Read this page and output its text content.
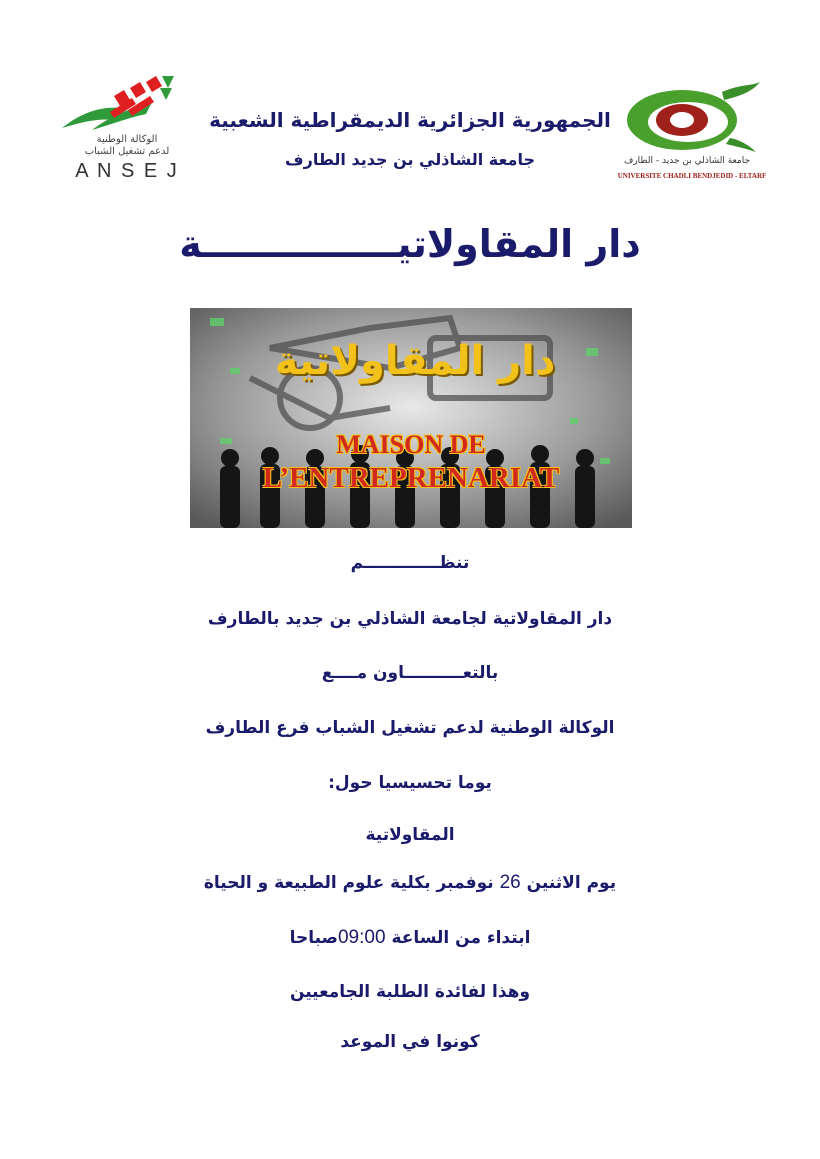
الوكالة الوطنية
لدعم تشغيل الشباب
A N S E J	جامعة الشاذلي بن جديد - الطارف
UNIVERSITE CHADLI BENDJEDID - ELTARF
الجمهورية الجزائرية الديمقراطية الشعبية
جامعة الشاذلي بن جديد الطارف
دار المقاولاتيـــــــــــــــة
دار المقاولاتية
MAISON DE
L’ENTREPRENARIAT
تنظـــــــــــــم
دار المقاولاتية لجامعة الشاذلي بن جديد بالطارف
بالتعــــــــــاون مــــع
الوكالة الوطنية لدعم تشغيل الشباب فرع الطارف
يوما تحسيسيا حول:
المقاولاتية
يوم الاثنين 26 نوفمبر بكلية علوم الطبيعة و الحياة
ابتداء من الساعة 09:00صباحا
وهذا لفائدة الطلبة الجامعيين
كونوا في الموعد
